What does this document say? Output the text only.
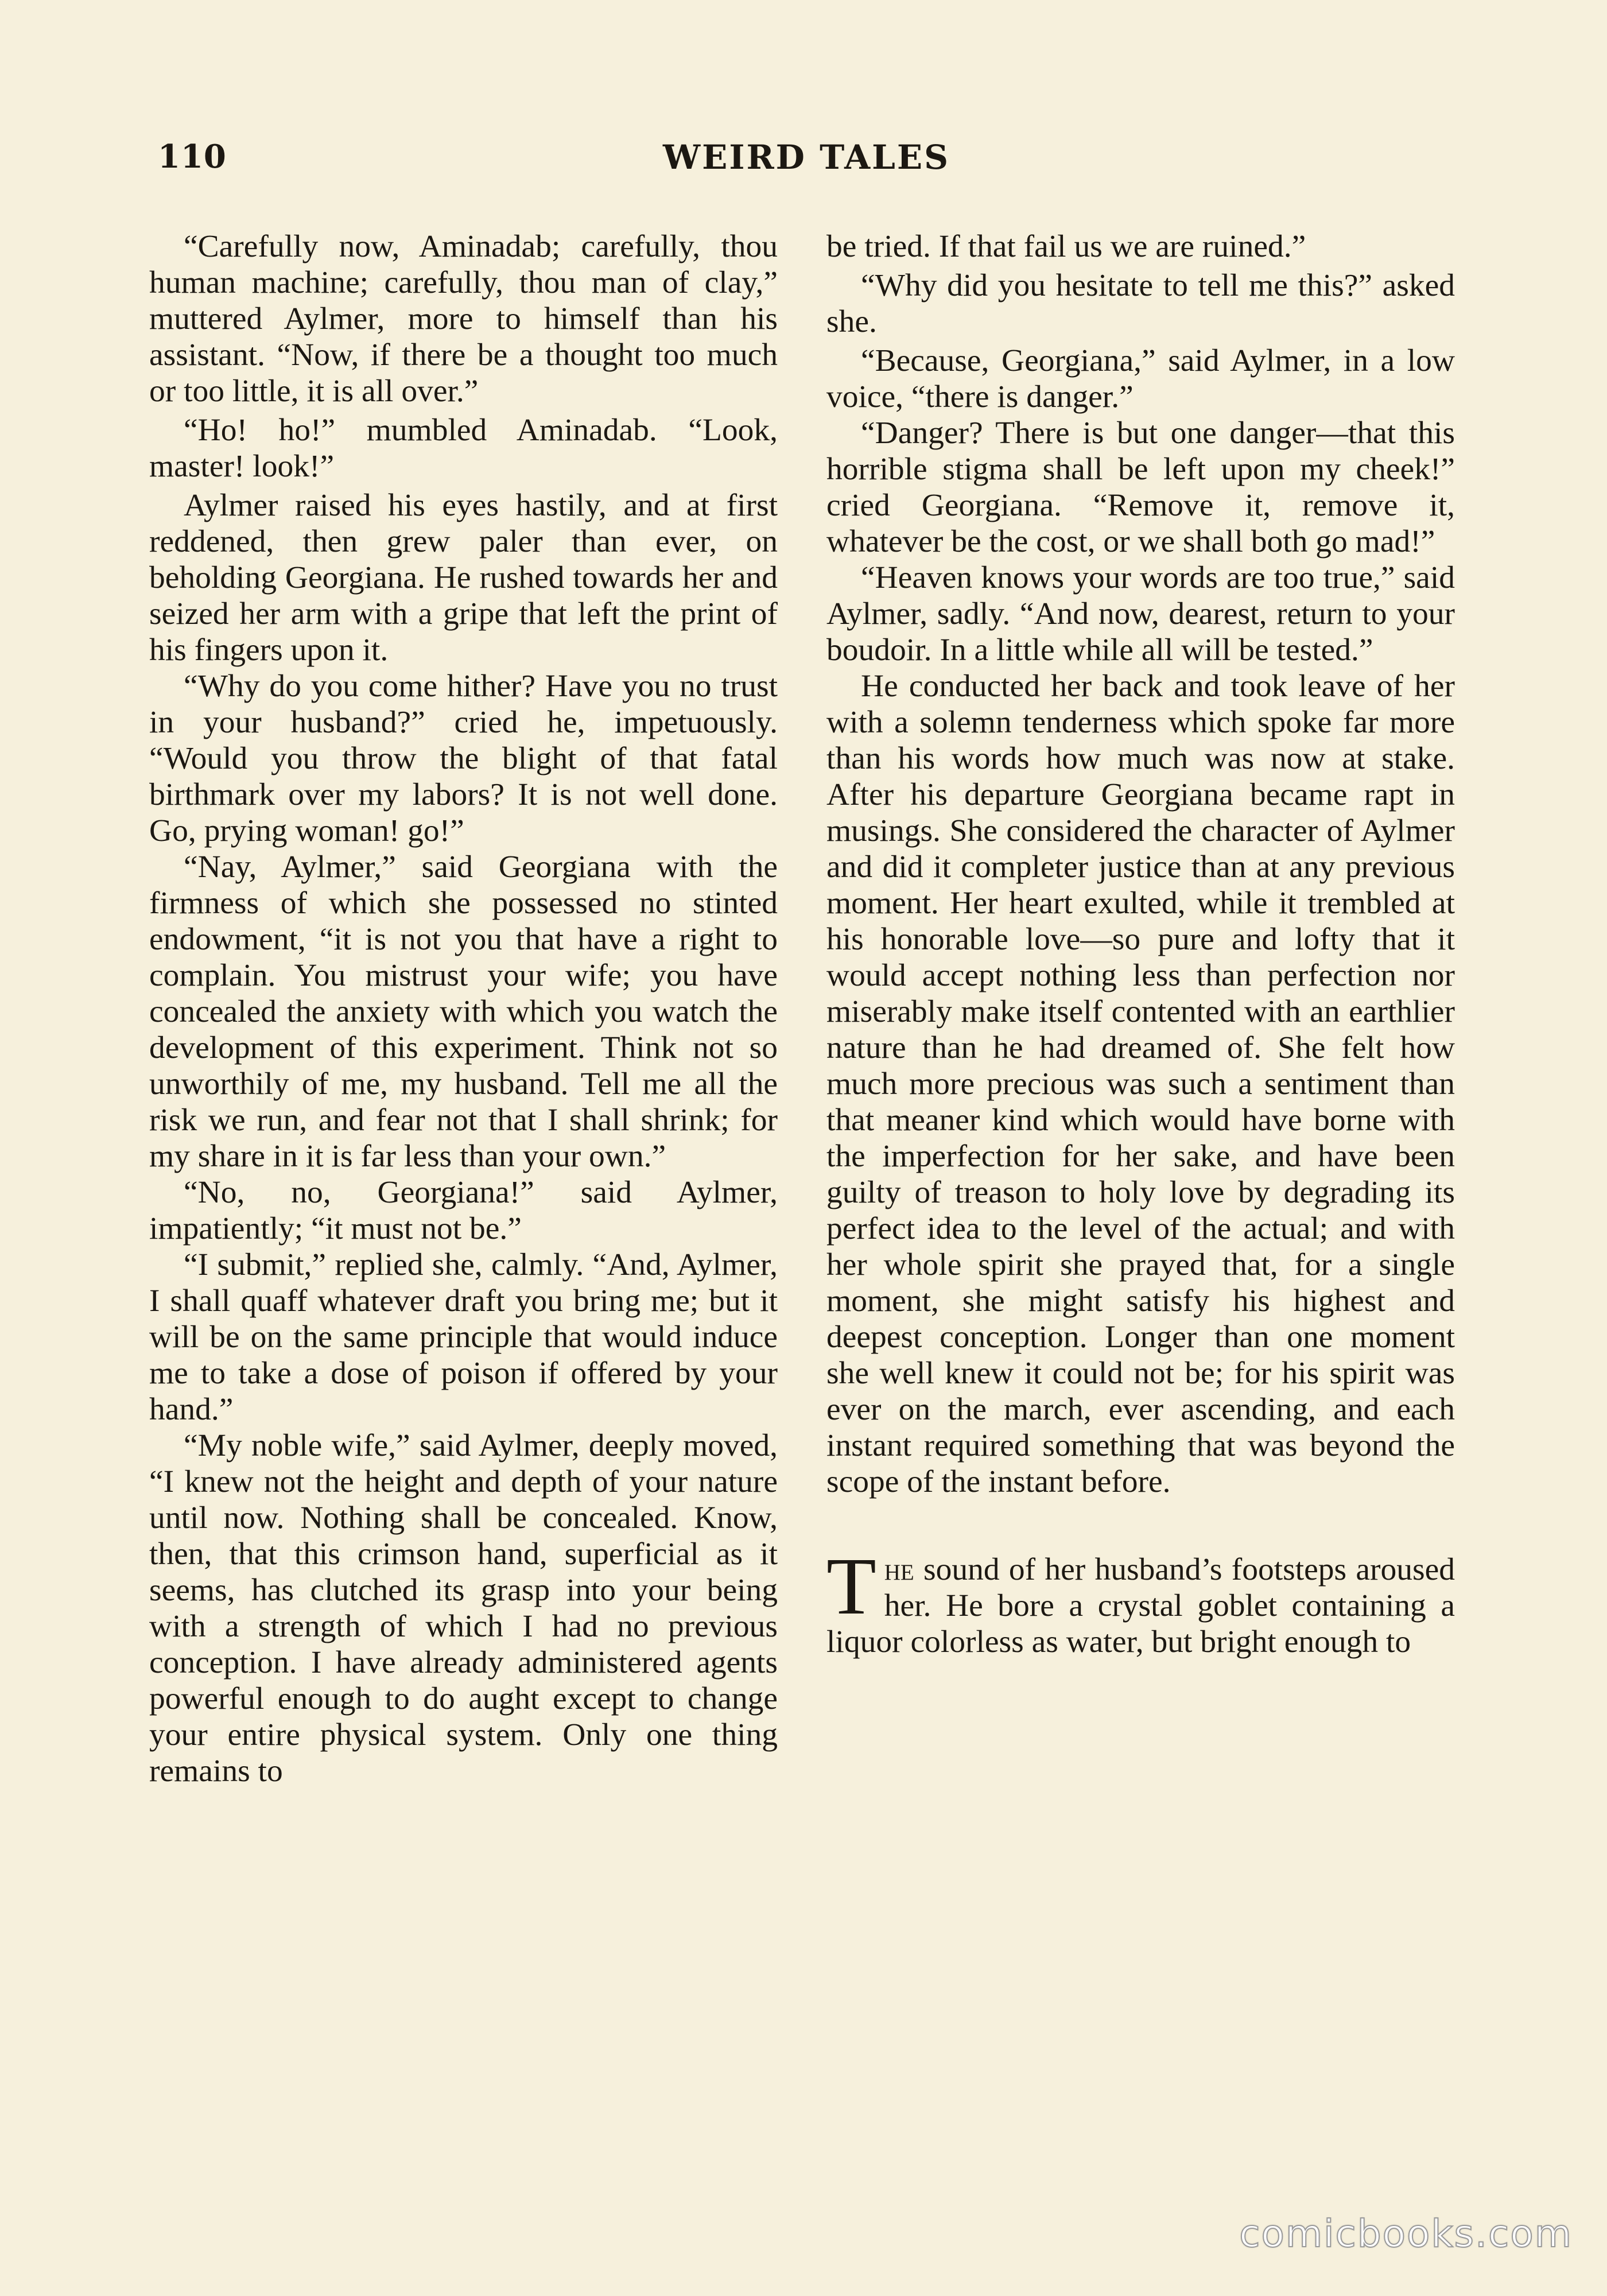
110	WEIRD TALES

“Carefully now, Aminadab; carefully, thou human machine; carefully, thou man of clay,” muttered Aylmer, more to himself than his assistant. “Now, if there be a thought too much or too little, it is all over.”

“Ho! ho!” mumbled Aminadab. “Look, master! look!”

Aylmer raised his eyes hastily, and at first reddened, then grew paler than ever, on beholding Georgiana. He rushed towards her and seized her arm with a gripe that left the print of his fingers upon it.

“Why do you come hither? Have you no trust in your husband?” cried he, impetuously. “Would you throw the blight of that fatal birthmark over my labors? It is not well done. Go, prying woman! go!”

“Nay, Aylmer,” said Georgiana with the firmness of which she possessed no stinted endowment, “it is not you that have a right to complain. You mistrust your wife; you have concealed the anxiety with which you watch the development of this experiment. Think not so unworthily of me, my husband. Tell me all the risk we run, and fear not that I shall shrink; for my share in it is far less than your own.”

“No, no, Georgiana!” said Aylmer, impatiently; “it must not be.”

“I submit,” replied she, calmly. “And, Aylmer, I shall quaff whatever draft you bring me; but it will be on the same principle that would induce me to take a dose of poison if offered by your hand.”

“My noble wife,” said Aylmer, deeply moved, “I knew not the height and depth of your nature until now. Nothing shall be concealed. Know, then, that this crimson hand, superficial as it seems, has clutched its grasp into your being with a strength of which I had no previous conception. I have already administered agents powerful enough to do aught except to change your entire physical system. Only one thing remains to

be tried. If that fail us we are ruined.”

“Why did you hesitate to tell me this?” asked she.

“Because, Georgiana,” said Aylmer, in a low voice, “there is danger.”

“Danger? There is but one danger—that this horrible stigma shall be left upon my cheek!” cried Georgiana. “Remove it, remove it, whatever be the cost, or we shall both go mad!”

“Heaven knows your words are too true,” said Aylmer, sadly. “And now, dearest, return to your boudoir. In a little while all will be tested.”

He conducted her back and took leave of her with a solemn tenderness which spoke far more than his words how much was now at stake. After his departure Georgiana became rapt in musings. She considered the character of Aylmer and did it completer justice than at any previous moment. Her heart exulted, while it trembled at his honorable love—so pure and lofty that it would accept nothing less than perfection nor miserably make itself contented with an earthlier nature than he had dreamed of. She felt how much more precious was such a sentiment than that meaner kind which would have borne with the imperfection for her sake, and have been guilty of treason to holy love by degrading its perfect idea to the level of the actual; and with her whole spirit she prayed that, for a single moment, she might satisfy his highest and deepest conception. Longer than one moment she well knew it could not be; for his spirit was ever on the march, ever ascending, and each instant required something that was beyond the scope of the instant before.

The sound of her husband’s footsteps aroused her. He bore a crystal goblet containing a liquor colorless as water, but bright enough to
comicbooks.com
